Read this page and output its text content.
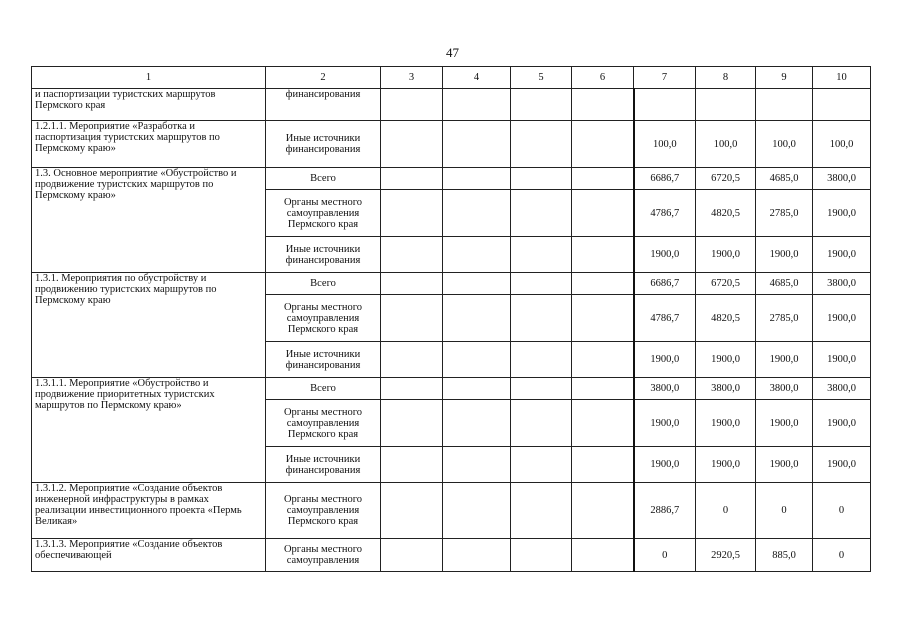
47
1	2	3	4	5	6	7	8	9	10
и паспортизации туристских маршрутов Пермского края	финансирования								
1.2.1.1. Мероприятие «Разработка и паспортизация туристских маршрутов по Пермскому краю»	Иные источники финансирования					100,0	100,0	100,0	100,0
1.3. Основное мероприятие «Обустройство и продвижение туристских маршрутов по Пермскому краю»	Всего					6686,7	6720,5	4685,0	3800,0
	Органы местного самоуправления Пермского края					4786,7	4820,5	2785,0	1900,0
	Иные источники финансирования					1900,0	1900,0	1900,0	1900,0
1.3.1. Мероприятия по обустройству и продвижению туристских маршрутов по Пермскому краю	Всего					6686,7	6720,5	4685,0	3800,0
	Органы местного самоуправления Пермского края					4786,7	4820,5	2785,0	1900,0
	Иные источники финансирования					1900,0	1900,0	1900,0	1900,0
1.3.1.1. Мероприятие «Обустройство и продвижение приоритетных туристских маршрутов по Пермскому краю»	Всего					3800,0	3800,0	3800,0	3800,0
	Органы местного самоуправления Пермского края					1900,0	1900,0	1900,0	1900,0
	Иные источники финансирования					1900,0	1900,0	1900,0	1900,0
1.3.1.2. Мероприятие «Создание объектов инженерной инфраструктуры в рамках реализации инвестиционного проекта «Пермь Великая»	Органы местного самоуправления Пермского края					2886,7	0	0	0
1.3.1.3. Мероприятие «Создание объектов обеспечивающей	Органы местного самоуправления					0	2920,5	885,0	0
